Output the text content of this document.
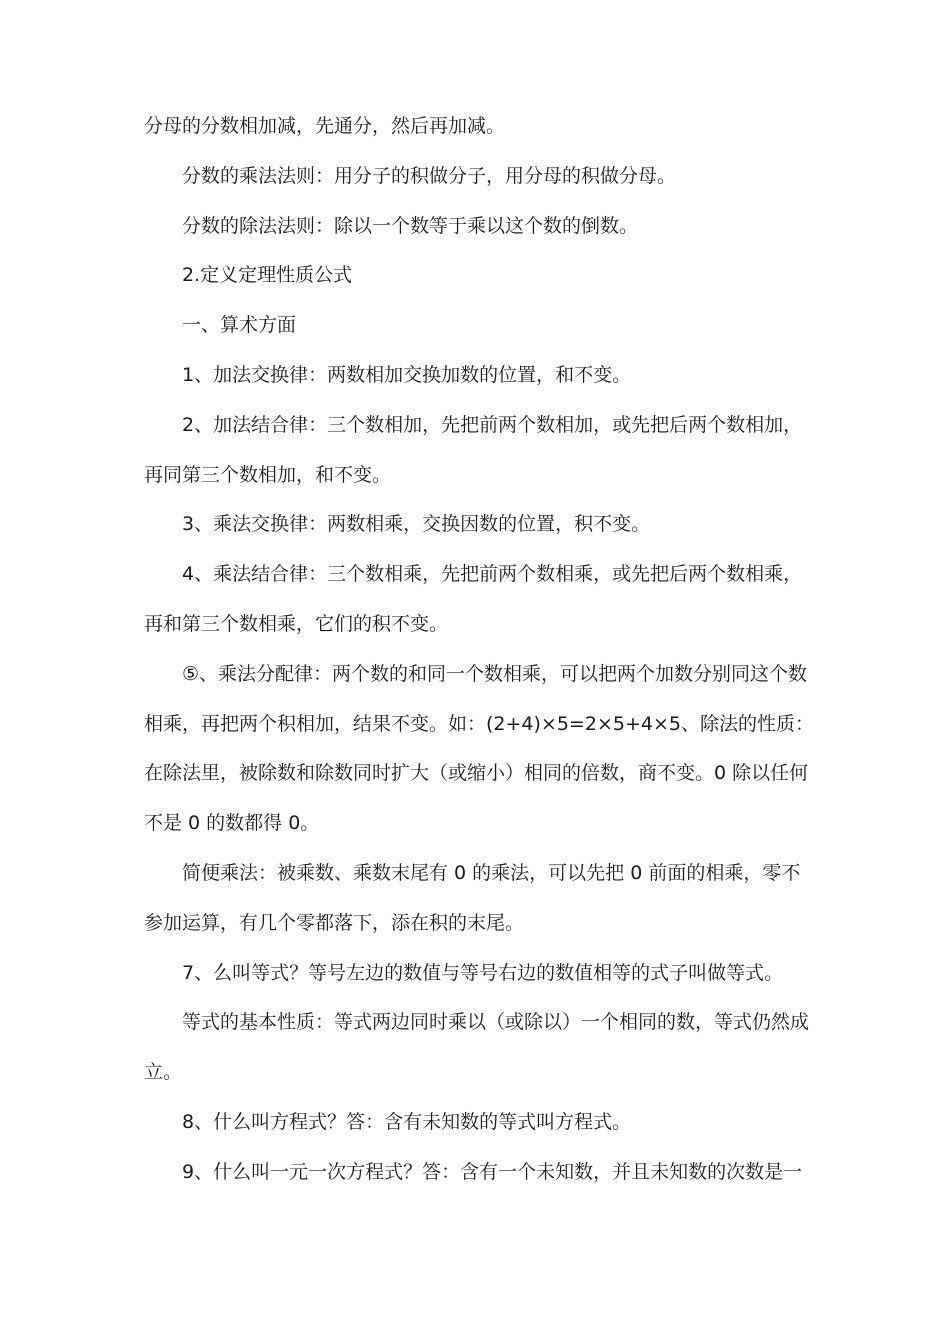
分母的分数相加减，先通分，然后再加减。

分数的乘法法则：用分子的积做分子，用分母的积做分母。

分数的除法法则：除以一个数等于乘以这个数的倒数。

2.定义定理性质公式

一、算术方面

1、加法交换律：两数相加交换加数的位置，和不变。

2、加法结合律：三个数相加，先把前两个数相加，或先把后两个数相加，

再同第三个数相加，和不变。

3、乘法交换律：两数相乘，交换因数的位置，积不变。

4、乘法结合律：三个数相乘，先把前两个数相乘，或先把后两个数相乘，

再和第三个数相乘，它们的积不变。

⑤、乘法分配律：两个数的和同一个数相乘，可以把两个加数分别同这个数

相乘，再把两个积相加，结果不变。如：(2+4)×5=2×5+4×5、除法的性质：

在除法里，被除数和除数同时扩大（或缩小）相同的倍数，商不变。0 除以任何

不是 0 的数都得 0。

简便乘法：被乘数、乘数末尾有 0 的乘法，可以先把 0 前面的相乘，零不

参加运算，有几个零都落下，添在积的末尾。

7、么叫等式？等号左边的数值与等号右边的数值相等的式子叫做等式。

等式的基本性质：等式两边同时乘以（或除以）一个相同的数，等式仍然成

立。

8、什么叫方程式？答：含有未知数的等式叫方程式。

9、什么叫一元一次方程式？答：含有一个未知数，并且未知数的次数是一
